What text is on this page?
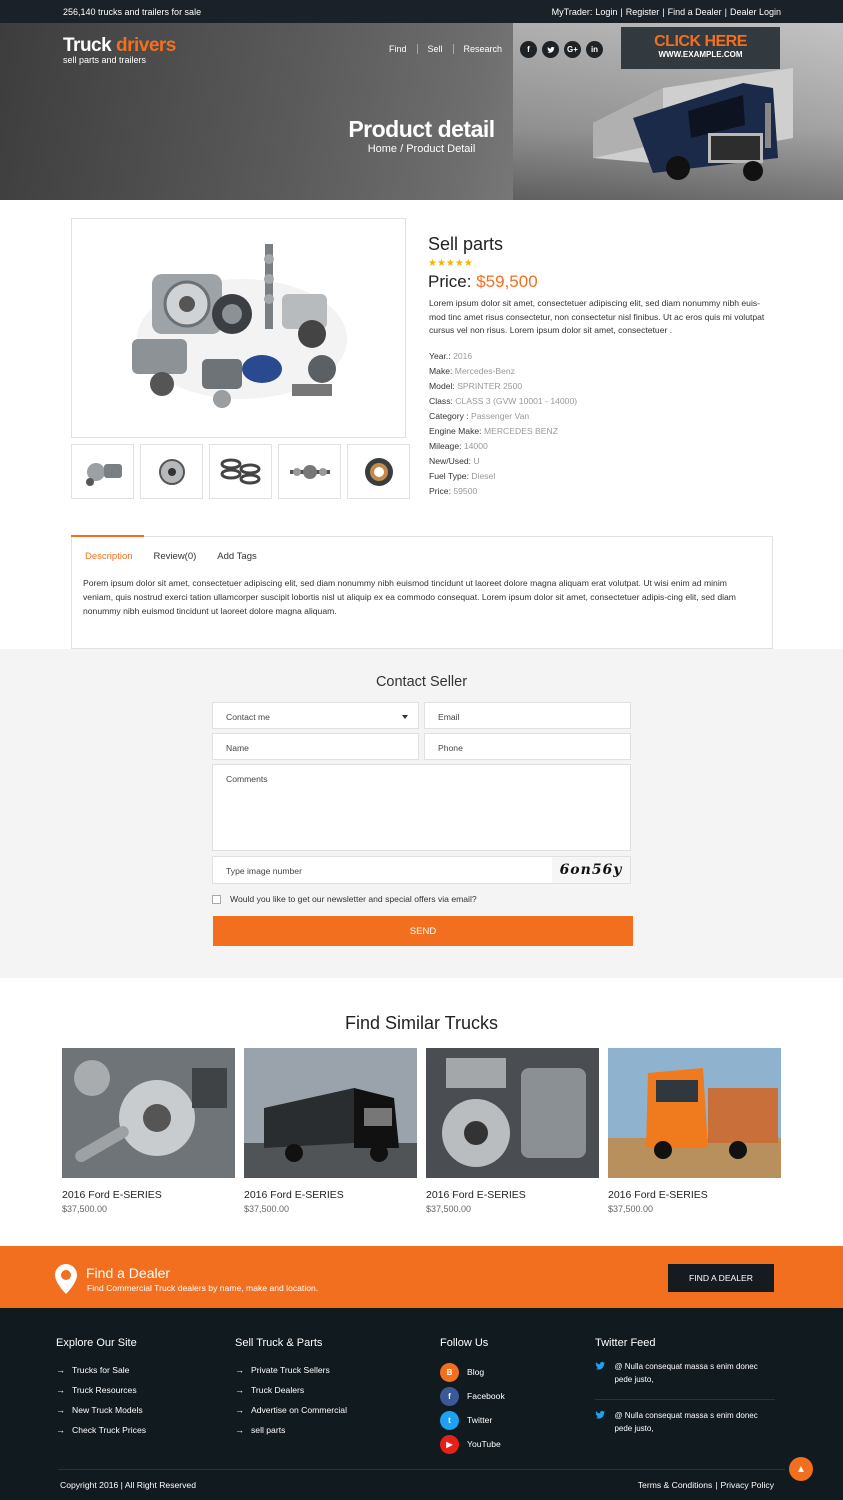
256,140 trucks and trailers for sale	MyTrader: Login | Register | Find a Dealer | Dealer Login
Truck drivers
sell parts and trailers
Find	Sell	Research	f	G+	in	CLICK HERE
WWW.EXAMPLE.COM
Product detail
Home / Product Detail
Sell parts
★★★★★
Price: $59,500
Lorem ipsum dolor sit amet, consectetuer adipiscing elit, sed diam nonummy nibh euis-mod tinc amet risus consectetur, non consectetur nisl finibus. Ut ac eros quis mi volutpat cursus vel non risus. Lorem ipsum dolor sit amet, consectetuer .
Year.: 2016
Make: Mercedes-Benz
Model: SPRINTER 2500
Class: CLASS 3 (GVW 10001 - 14000)
Category : Passenger Van
Engine Make: MERCEDES BENZ
Mileage: 14000
New/Used: U
Fuel Type: Diesel
Price: 59500
Description Review(0) Add Tags
Porem ipsum dolor sit amet, consectetuer adipiscing elit, sed diam nonummy nibh euismod tincidunt ut laoreet dolore magna aliquam erat volutpat. Ut wisi enim ad minim veniam, quis nostrud exerci tation ullamcorper suscipit lobortis nisl ut aliquip ex ea commodo consequat. Lorem ipsum dolor sit amet, consectetuer adipis-cing elit, sed diam nonummy nibh euismod tincidunt ut laoreet dolore magna aliquam.
Contact Seller
Contact me	Email
Name	Phone
Comments
Type image number	6on56y
Would you like to get our newsletter and special offers via email?
SEND
Find Similar Trucks
2016 Ford E-SERIES
$37,500.00
2016 Ford E-SERIES
$37,500.00
2016 Ford E-SERIES
$37,500.00
2016 Ford E-SERIES
$37,500.00
Find a Dealer
Find Commercial Truck dealers by name, make and location.
FIND A DEALER
Explore Our Site
→ Trucks for Sale
→ Truck Resources
→ New Truck Models
→ Check Truck Prices
Sell Truck & Parts
→ Private Truck Sellers
→ Truck Dealers
→ Advertise on Commercial
→ sell parts
Follow Us
B	Blog
f	Facebook
t	Twitter
▶	YouTube
Twitter Feed
@ Nulla consequat massa s enim donec pede justo,
@ Nulla consequat massa s enim donec pede justo,
▲
Copyright 2016 | All Right Reserved	Terms & Conditions | Privacy Policy
